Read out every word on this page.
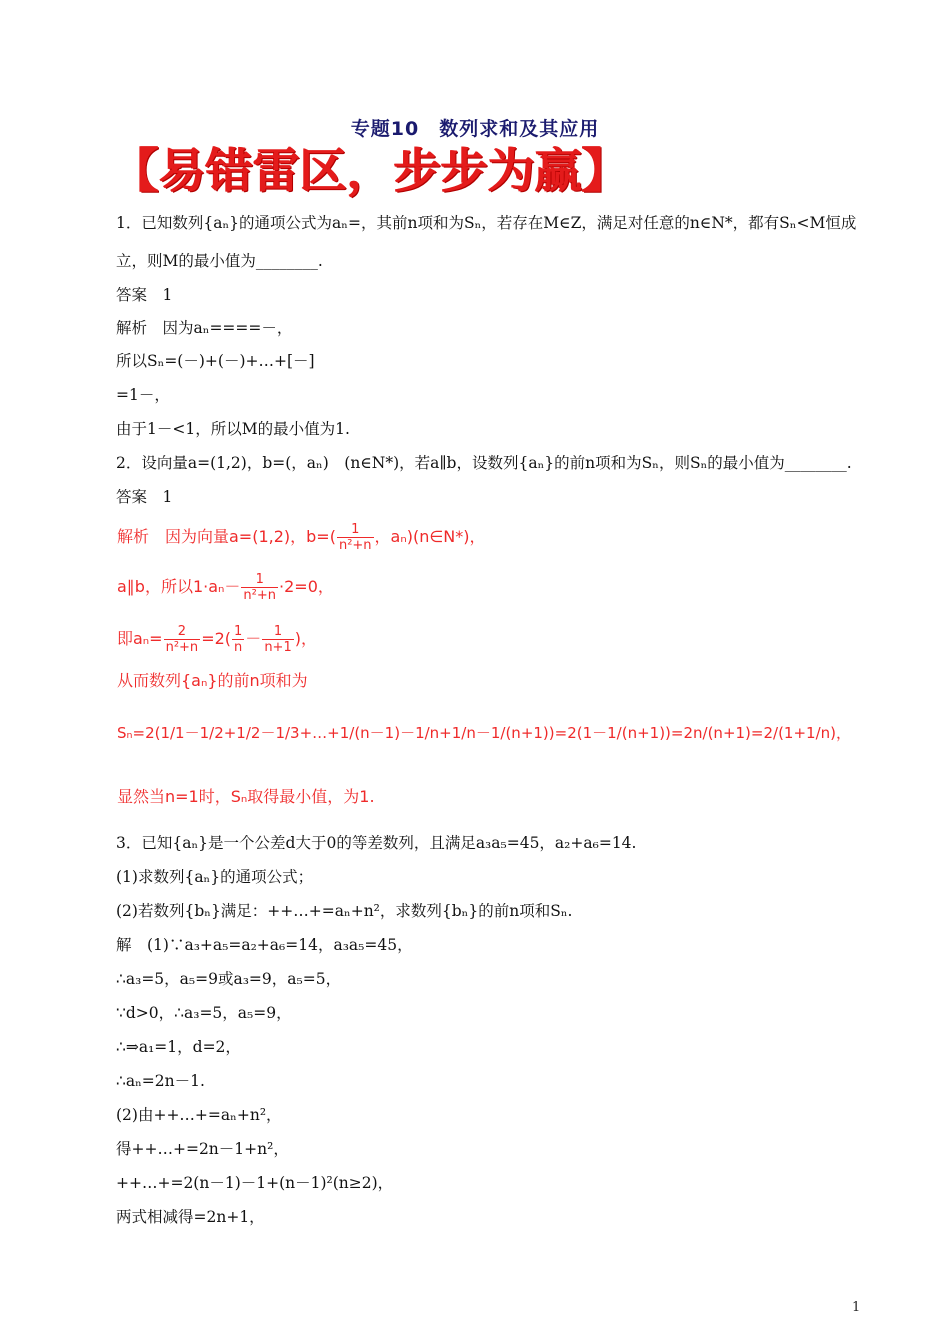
专题10　数列求和及其应用
【易错雷区，步步为赢】
1．已知数列{aₙ}的通项公式为aₙ=，其前n项和为Sₙ，若存在M∈Z，满足对任意的n∈N*，都有Sₙ<M恒成
立，则M的最小值为________.
答案　1
解析　因为aₙ====－，
所以Sₙ=(－)+(－)+…+[－]
=1－，
由于1－<1，所以M的最小值为1.
2．设向量a=(1,2)，b=(，aₙ)　(n∈N*)，若a∥b，设数列{aₙ}的前n项和为Sₙ，则Sₙ的最小值为________.
答案　1
解析　因为向量a=(1,2)，$b=( \frac{1}{\text{n²+n}}$ ，aₙ)(n∈N*)，
a∥b，所以$1\cdot a_n- \frac{1}{\text{n²+n}} \cdot 2=0$，
即$a_n= \frac{2}{\text{n²+n}} =2( \frac{1}{n} - \frac{1}{n+1}$ )，
从而数列{aₙ}的前n项和为
Sₙ=2(1/1－1/2+1/2－1/3+…+1/(n－1)－1/n+1/n－1/(n+1))=2(1－1/(n+1))=2n/(n+1)=2/(1+1/n)，
显然当n=1时，Sₙ取得最小值，为1.
3．已知{aₙ}是一个公差d大于0的等差数列，且满足a₃a₅=45，a₂+a₆=14.
(1)求数列{aₙ}的通项公式；
(2)若数列{bₙ}满足：++…+=aₙ+n²，求数列{bₙ}的前n项和Sₙ.
解　(1)∵a₃+a₅=a₂+a₆=14，a₃a₅=45，
∴a₃=5，a₅=9或a₃=9，a₅=5，
∵d>0，∴a₃=5，a₅=9，
∴⇒a₁=1，d=2，
∴aₙ=2n－1.
(2)由++…+=aₙ+n²，
得++…+=2n－1+n²，
++…+=2(n－1)－1+(n－1)²(n≥2)，
两式相减得=2n+1，
1
